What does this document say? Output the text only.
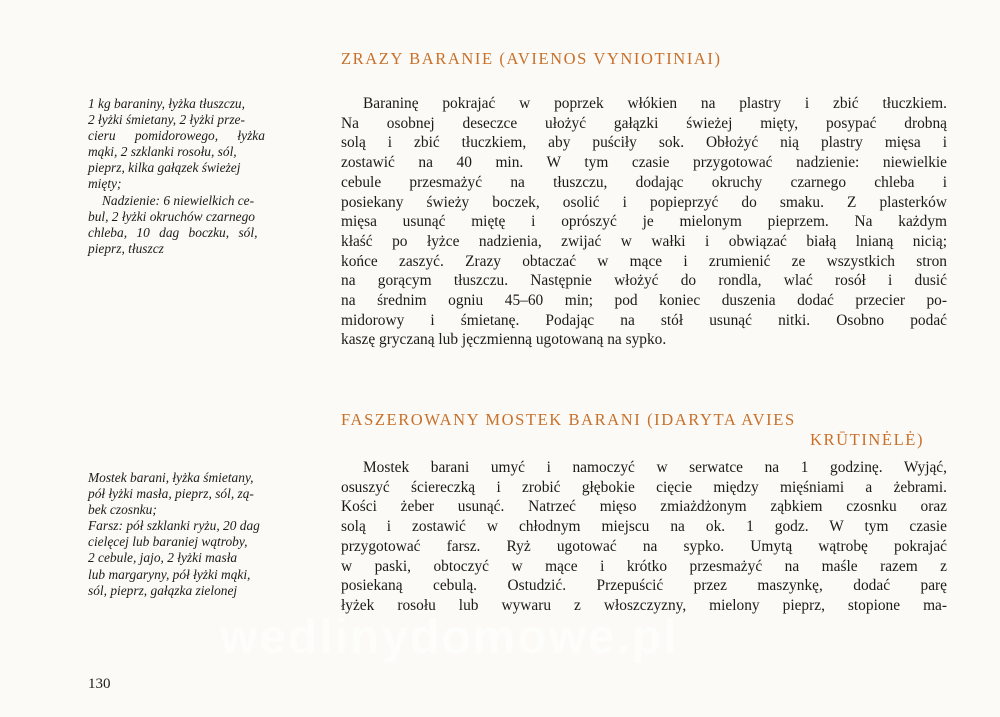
ZRAZY BARANIE (AVIENOS VYNIOTINIAI)
1 kg baraniny, łyżka tłuszczu,
2 łyżki śmietany, 2 łyżki prze-
cieru pomidorowego, łyżka
mąki, 2 szklanki rosołu, sól,
pieprz, kilka gałązek świeżej
mięty;
Nadzienie: 6 niewielkich ce-
bul, 2 łyżki okruchów czarnego
chleba, 10 dag boczku, sól,
pieprz, tłuszcz
Baraninę pokrajać w poprzek włókien na plastry i zbić tłuczkiem.
Na osobnej deseczce ułożyć gałązki świeżej mięty, posypać drobną
solą i zbić tłuczkiem, aby puściły sok. Obłożyć nią plastry mięsa i
zostawić na 40 min. W tym czasie przygotować nadzienie: niewielkie
cebule przesmażyć na tłuszczu, dodając okruchy czarnego chleba i
posiekany świeży boczek, osolić i popieprzyć do smaku. Z plasterków
mięsa usunąć miętę i oprószyć je mielonym pieprzem. Na każdym
kłaść po łyżce nadzienia, zwijać w wałki i obwiązać białą lnianą nicią;
końce zaszyć. Zrazy obtaczać w mące i zrumienić ze wszystkich stron
na gorącym tłuszczu. Następnie włożyć do rondla, wlać rosół i dusić
na średnim ogniu 45–60 min; pod koniec duszenia dodać przecier po-
midorowy i śmietanę. Podając na stół usunąć nitki. Osobno podać
kaszę gryczaną lub jęczmienną ugotowaną na sypko.
FASZEROWANY MOSTEK BARANI (IDARYTA AVIES
KRŪTINĖLĖ)
Mostek barani, łyżka śmietany,
pół łyżki masła, pieprz, sól, zą-
bek czosnku;
Farsz: pół szklanki ryżu, 20 dag
cielęcej lub baraniej wątroby,
2 cebule, jajo, 2 łyżki masła
lub margaryny, pół łyżki mąki,
sól, pieprz, gałązka zielonej
Mostek barani umyć i namoczyć w serwatce na 1 godzinę. Wyjąć,
osuszyć ściereczką i zrobić głębokie cięcie między mięśniami a żebrami.
Kości żeber usunąć. Natrzeć mięso zmiażdżonym ząbkiem czosnku oraz
solą i zostawić w chłodnym miejscu na ok. 1 godz. W tym czasie
przygotować farsz. Ryż ugotować na sypko. Umytą wątrobę pokrajać
w paski, obtoczyć w mące i krótko przesmażyć na maśle razem z
posiekaną cebulą. Ostudzić. Przepuścić przez maszynkę, dodać parę
łyżek rosołu lub wywaru z włoszczyzny, mielony pieprz, stopione ma-
wedlinydomowe.pl
130
